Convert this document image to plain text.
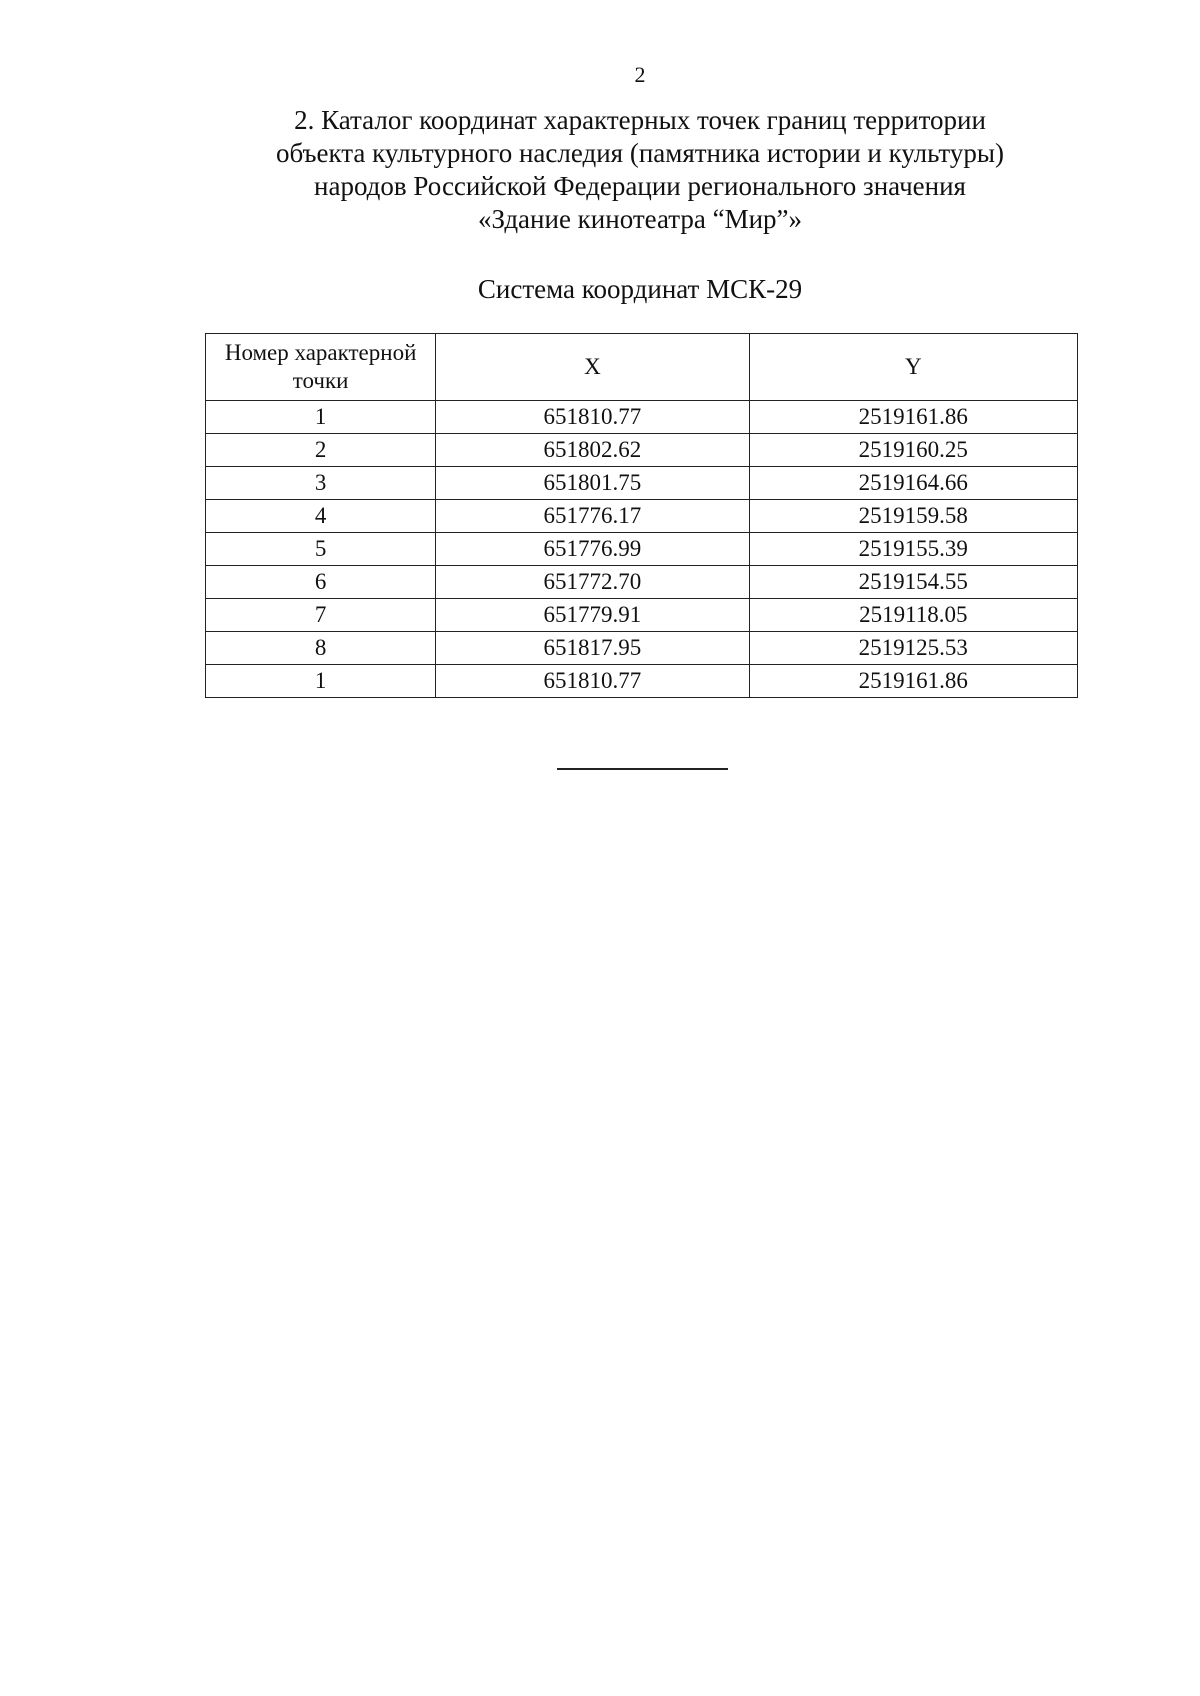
2
2. Каталог координат характерных точек границ территории
объекта культурного наследия (памятника истории и культуры)
народов Российской Федерации регионального значения
«Здание кинотеатра “Мир”»
Система координат МСК-29
Номер характерной точки	X	Y
1	651810.77	2519161.86
2	651802.62	2519160.25
3	651801.75	2519164.66
4	651776.17	2519159.58
5	651776.99	2519155.39
6	651772.70	2519154.55
7	651779.91	2519118.05
8	651817.95	2519125.53
1	651810.77	2519161.86
